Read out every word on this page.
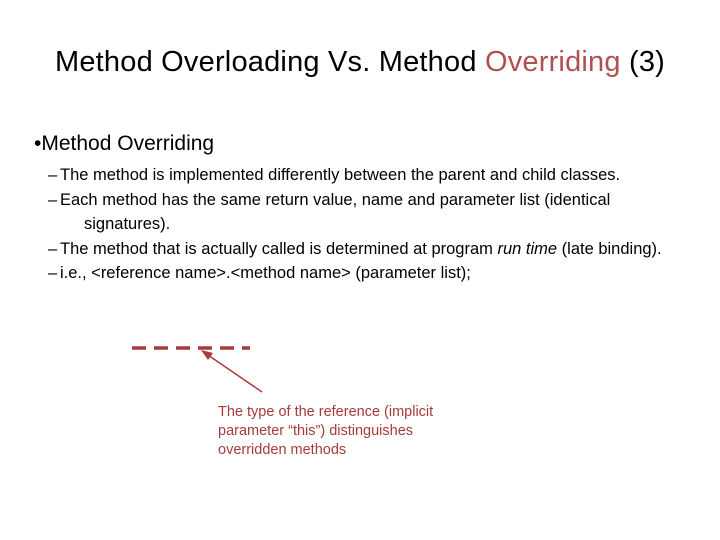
Method Overloading Vs. Method Overriding (3)
•Method Overriding
– The method is implemented differently between the parent and child classes.
– Each method has the same return value, name and parameter list (identical signatures).
– The method that is actually called is determined at program run time (late binding).
– i.e., <reference name>.<method name> (parameter list);
The type of the reference (implicit parameter “this”) distinguishes overridden methods
